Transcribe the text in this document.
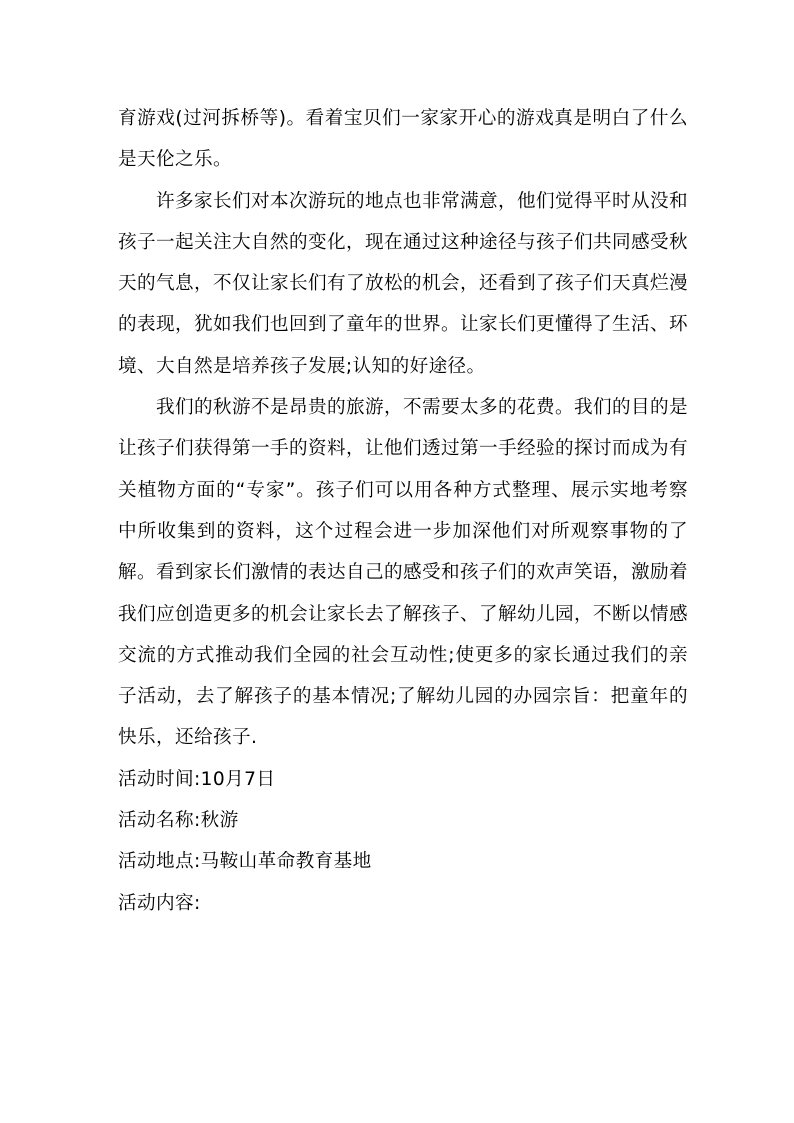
育游戏(过河拆桥等)。看着宝贝们一家家开心的游戏真是明白了什么是天伦之乐。

许多家长们对本次游玩的地点也非常满意，他们觉得平时从没和孩子一起关注大自然的变化，现在通过这种途径与孩子们共同感受秋天的气息，不仅让家长们有了放松的机会，还看到了孩子们天真烂漫的表现，犹如我们也回到了童年的世界。让家长们更懂得了生活、环境、大自然是培养孩子发展;认知的好途径。

我们的秋游不是昂贵的旅游，不需要太多的花费。我们的目的是让孩子们获得第一手的资料，让他们透过第一手经验的探讨而成为有关植物方面的“专家”。孩子们可以用各种方式整理、展示实地考察中所收集到的资料，这个过程会进一步加深他们对所观察事物的了解。看到家长们激情的表达自己的感受和孩子们的欢声笑语，激励着我们应创造更多的机会让家长去了解孩子、了解幼儿园，不断以情感交流的方式推动我们全园的社会互动性;使更多的家长通过我们的亲子活动，去了解孩子的基本情况;了解幼儿园的办园宗旨：把童年的快乐，还给孩子.

活动时间:10月7日

活动名称:秋游

活动地点:马鞍山革命教育基地

活动内容:
